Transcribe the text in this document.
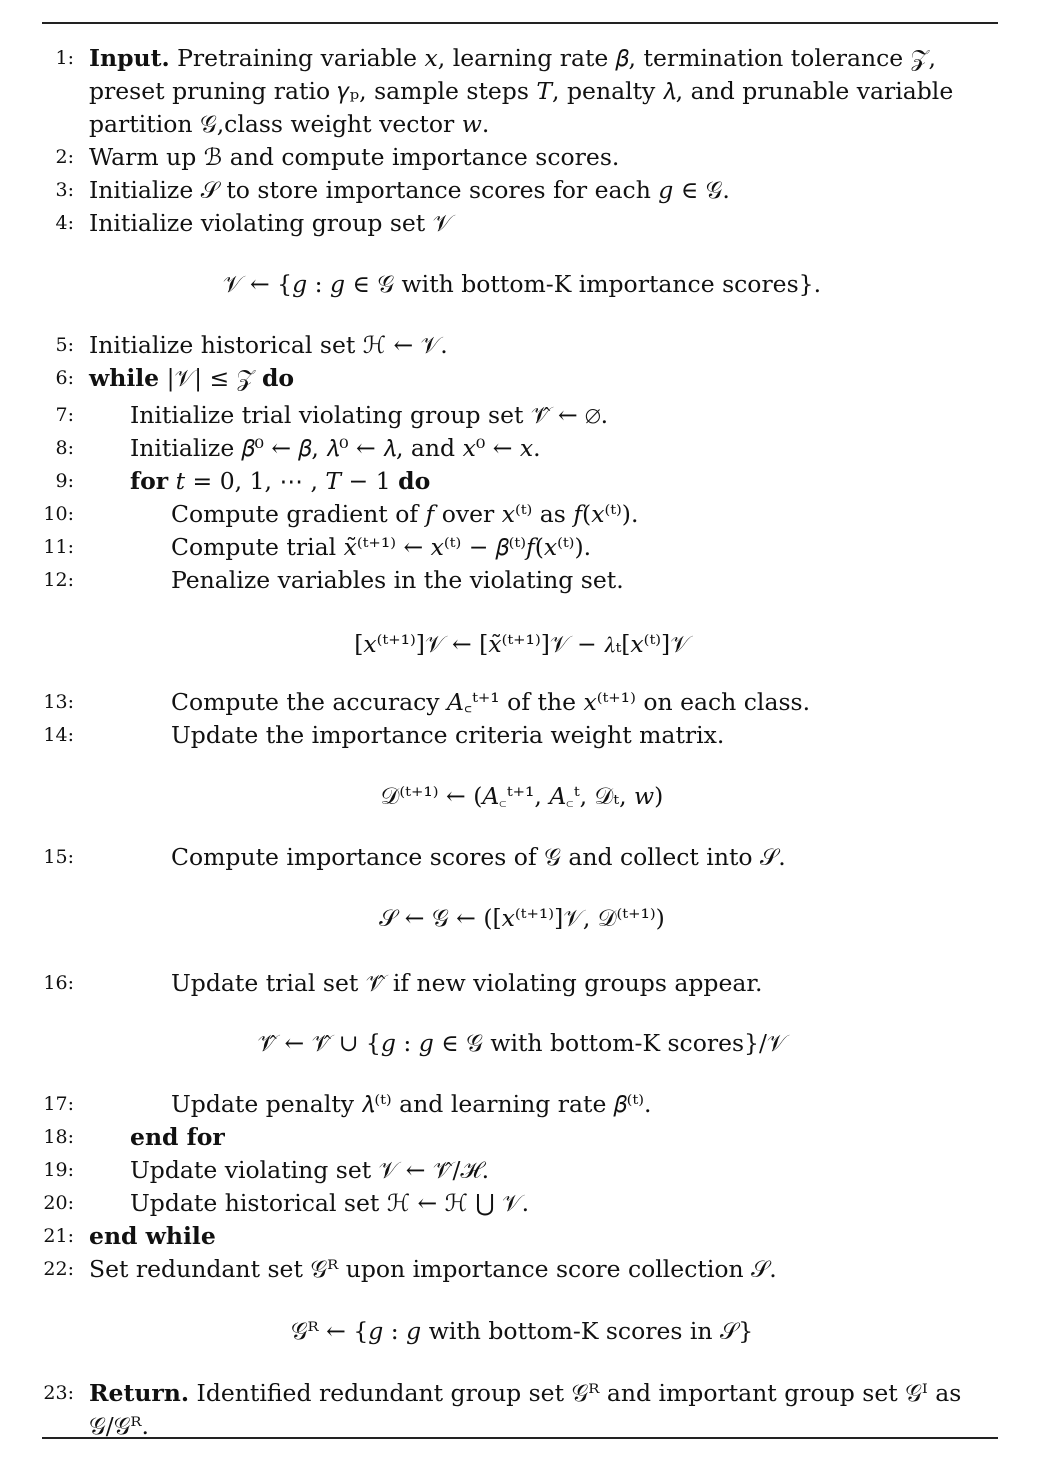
1: Input. Pretraining variable 𝑥, learning rate 𝛽, termination tolerance 𝒵,
preset pruning ratio 𝛾ₚ, sample steps 𝑇, penalty 𝜆, and prunable variable
partition 𝒢,class weight vector 𝑤.
2: Warm up ℬ and compute importance scores.
3: Initialize 𝒮 to store importance scores for each 𝑔 ∈ 𝒢.
4: Initialize violating group set 𝒱
𝒱 ← {𝑔 : 𝑔 ∈ 𝒢 with bottom-K importance scores}.
5: Initialize historical set ℋ ← 𝒱.
6: while |𝒱| ≤ 𝒵 do
7: Initialize trial violating group set 𝒱̂ ← ∅.
8: Initialize 𝛽⁰ ← 𝛽, 𝜆⁰ ← 𝜆, and 𝑥⁰ ← 𝑥.
9: for 𝑡 = 0, 1, ⋯ , 𝑇 − 1 do
10:	Compute gradient of 𝑓 over 𝑥⁽ᵗ⁾ as 𝑓(𝑥⁽ᵗ⁾).
11:	Compute trial 𝑥̃⁽ᵗ⁺¹⁾ ← 𝑥⁽ᵗ⁾ − 𝛽⁽ᵗ⁾𝑓(𝑥⁽ᵗ⁾).
12:	Penalize variables in the violating set.
[𝑥⁽ᵗ⁺¹⁾]𝒱 ← [𝑥̃⁽ᵗ⁺¹⁾]𝒱 − 𝜆ₜ[𝑥⁽ᵗ⁾]𝒱
13:	Compute the accuracy 𝐴꜀ᵗ⁺¹ of the 𝑥⁽ᵗ⁺¹⁾ on each class.
14:	Update the importance criteria weight matrix.
𝒟⁽ᵗ⁺¹⁾ ← (𝐴꜀ᵗ⁺¹, 𝐴꜀ᵗ, 𝒟ₜ, 𝑤)
15:	Compute importance scores of 𝒢 and collect into 𝒮.
𝒮 ← 𝒢 ← ([𝑥⁽ᵗ⁺¹⁾]𝒱, 𝒟⁽ᵗ⁺¹⁾)
16:	Update trial set 𝒱̂ if new violating groups appear.
𝒱̂ ← 𝒱̂ ∪ {𝑔 : 𝑔 ∈ 𝒢 with bottom-K scores}/𝒱
17:	Update penalty 𝜆⁽ᵗ⁾ and learning rate 𝛽⁽ᵗ⁾.
18: end for
19: Update violating set 𝒱 ← 𝒱̂/ℋ.
20: Update historical set ℋ ← ℋ ⋃ 𝒱.
21: end while
22: Set redundant set 𝒢ᴿ upon importance score collection 𝒮.
𝒢ᴿ ← {𝑔 : 𝑔 with bottom-K scores in 𝒮}
23: Return. Identified redundant group set 𝒢ᴿ and important group set 𝒢ᴵ as
𝒢/𝒢ᴿ.
